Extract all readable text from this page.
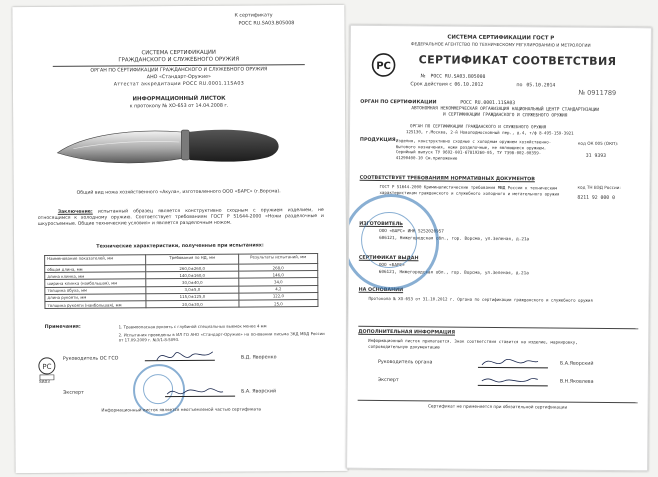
К сертификату
РОСС RU.SA03.B05008
СИСТЕМА СЕРТИФИКАЦИИ
ГРАЖДАНСКОГО И СЛУЖЕБНОГО ОРУЖИЯ
ОРГАН ПО СЕРТИФИКАЦИИ ГРАЖДАНСКОГО И СЛУЖЕБНОГО ОРУЖИЯ
АНО «Стандарт-Оружие»
Аттестат аккредитации РОСС RU.0001.11SA03
ИНФОРМАЦИОННЫЙ ЛИСТОК
к протоколу № ХО-653 от 14.04.2008 г.
Общий вид ножа хозяйственного «Акула», изготовленного ООО «БАРС» (г.Ворсма).
Заключение: испытанный образец является конструктивно сходным с оружием изделием, не относящимся к холодному оружию. Соответствует требованиям ГОСТ Р 51644-2000 «Ножи разделочные и шкуросъемные. Общие технические условия» и является разделочным ножом.
Технические характеристики, полученные при испытаниях:
Наименование показателей, мм	Требования по НД, мм	Результаты испытаний, мм
общая длина, мм	260,0±260,0	268,0
длина клинка, мм	140,0±160,0	146,0
ширина клинка (наибольшая), мм	30,0±40,0	34,0
толщина обуха, мм	3,0±5,0	4,2
длина рукояти, мм	115,0±125,0	122,0
толщина рукояти (наибольшая), мм	20,0±30,0	25,0
Примечания:	1. Травмоопасная рукоять с глубиной специальных выемок менее 4 мм
2. Испытания проведены в ИЛ ГО АНО «Стандарт-Оружие» на основании письма ЗКД МВД России от 17.09.2009 г. №3/1-8-5093.
PC
SA03
Руководитель ОС ГСО	В.Д. Яворенко
Эксперт	Б.А. Яворский
Информационный листок является неотъемлемой частью сертификата
СИСТЕМА СЕРТИФИКАЦИИ ГОСТ Р
ФЕДЕРАЛЬНОЕ АГЕНТСТВО ПО ТЕХНИЧЕСКОМУ РЕГУЛИРОВАНИЮ И МЕТРОЛОГИИ
PC	СЕРТИФИКАТ СООТВЕТСТВИЯ
№ РОСС RU.SA03.B05008
Срок действия с 06.10.2012	по 05.10.2014
№ 0911789
ОРГАН ПО СЕРТИФИКАЦИИ	РОСС RU.0001.11SA03
АВТОНОМНАЯ НЕКОММЕРЧЕСКАЯ ОРГАНИЗАЦИЯ НАЦИОНАЛЬНЫЙ ЦЕНТР СТАНДАРТИЗАЦИИ И СЕРТИФИКАЦИИ ГРАЖДАНСКОГО И СЛУЖЕБНОГО ОРУЖИЯ
ОРГАН ПО СЕРТИФИКАЦИИ ГРАЖДАНСКОГО И СЛУЖЕБНОГО ОРУЖИЯ
125130, г.Москва, 2-й Новоподмосковный пер., д.4, т/ф 8-495-159-3921
ПРОДУКЦИЯ Изделия, конструктивно сходные с холодным оружием хозяйственно-бытового назначения, ножи разделочные, не являющиеся оружием. Серийный выпуск ТУ 9692-001-67819260-05, ТУ 7398-002-00359-41290400-10 См.приложение
код ОК 005 (ОКП):
31 9393
СООТВЕТСТВУЕТ ТРЕБОВАНИЯМ НОРМАТИВНЫХ ДОКУМЕНТОВ
ГОСТ Р 51644-2000 Криминалистические требования МВД России к техническим характеристикам гражданского и служебного холодного и метательного оружия
код ТН ВЭД России:
8211 92 000 0
ИЗГОТОВИТЕЛЬ
ООО «БАРС» ИНН 5252020957
606121, Нижегородская обл., гор. Ворсма, ул.Зеленая, д.21а
СЕРТИФИКАТ ВЫДАН
ООО «БАРС»
606121, Нижегородская обл., гор. Ворсма, ул.Зеленая, д.21а
НА ОСНОВАНИИ
Протокола № ХО-653 от 31.10.2012 г. Органа по сертификации гражданского и служебного оружия
ДОПОЛНИТЕЛЬНАЯ ИНФОРМАЦИЯ
Информационный листок прилагается. Знак соответствия ставится на изделие, маркировку, сопроводительную документацию
Руководитель органа	Б.А.Яворский
Эксперт	В.Н.Яковлева
Сертификат не применяется при обязательной сертификации
